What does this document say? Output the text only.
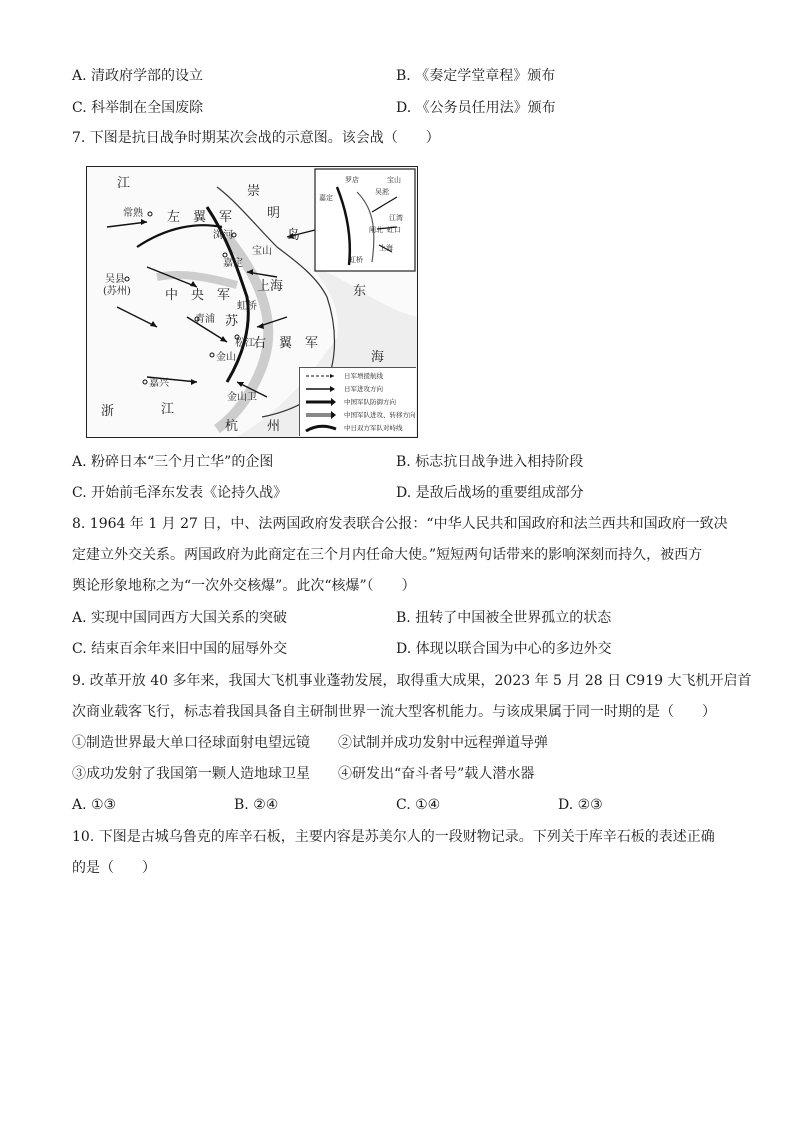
A. 清政府学部的设立	B. 《奏定学堂章程》颁布
C. 科举制在全国废除	D. 《公务员任用法》颁布
7. 下图是抗日战争时期某次会战的示意图。该会战（　　）
江
崇
明
岛
左　翼　军
常熟
浏河
宝山
嘉定
吴县
(苏州)	中　央　军
虹桥
上海
苏
青浦
松江
金山
右　翼　军
嘉兴
浙	江
杭 州
东
海
金山卫
罗店	宝山
吴淞
嘉定
江湾
闸北 虹口
虹桥
上海
日军增援航线
日军进攻方向
中国军队防御方向
中国军队进攻、转移方向
中日双方军队对峙线
A. 粉碎日本“三个月亡华”的企图	B. 标志抗日战争进入相持阶段
C. 开始前毛泽东发表《论持久战》	D. 是敌后战场的重要组成部分
8. 1964 年 1 月 27 日，中、法两国政府发表联合公报：“中华人民共和国政府和法兰西共和国政府一致决
定建立外交关系。两国政府为此商定在三个月内任命大使。”短短两句话带来的影响深刻而持久，被西方
舆论形象地称之为“一次外交核爆”。此次“核爆”（　　）
A. 实现中国同西方大国关系的突破	B. 扭转了中国被全世界孤立的状态
C. 结束百余年来旧中国的屈辱外交	D. 体现以联合国为中心的多边外交
9. 改革开放 40 多年来，我国大飞机事业蓬勃发展，取得重大成果，2023 年 5 月 28 日 C919 大飞机开启首
次商业载客飞行，标志着我国具备自主研制世界一流大型客机能力。与该成果属于同一时期的是（　　）
①制造世界最大单口径球面射电望远镜 ②试制并成功发射中远程弹道导弹
③成功发射了我国第一颗人造地球卫星 ④研发出“奋斗者号”载人潜水器
A. ①③	B. ②④	C. ①④	D. ②③
10. 下图是古城乌鲁克的库辛石板，主要内容是苏美尔人的一段财物记录。下列关于库辛石板的表述正确
的是（　　）
